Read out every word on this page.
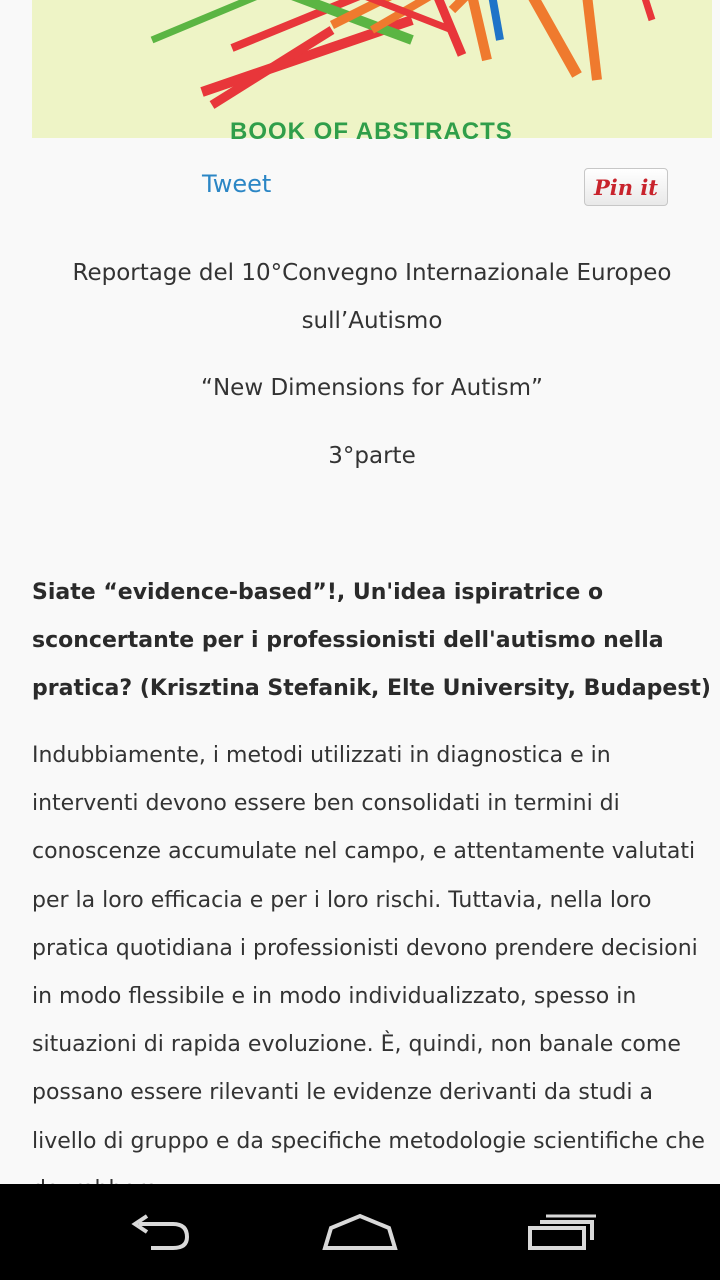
BOOK OF ABSTRACTS
Tweet	Pin it
Reportage del 10°Convegno Internazionale Europeo sull’Autismo
“New Dimensions for Autism”
3°parte
Siate “evidence-based”!, Un'idea ispiratrice o sconcertante per i professionisti dell'autismo nella pratica? (Krisztina Stefanik, Elte University, Budapest)
Indubbiamente, i metodi utilizzati in diagnostica e in interventi devono essere ben consolidati in termini di conoscenze accumulate nel campo, e attentamente valutati per la loro efficacia e per i loro rischi. Tuttavia, nella loro pratica quotidiana i professionisti devono prendere decisioni in modo flessibile e in modo individualizzato, spesso in situazioni di rapida evoluzione. È, quindi, non banale come possano essere rilevanti le evidenze derivanti da studi a livello di gruppo e da specifiche metodologie scientifiche che
